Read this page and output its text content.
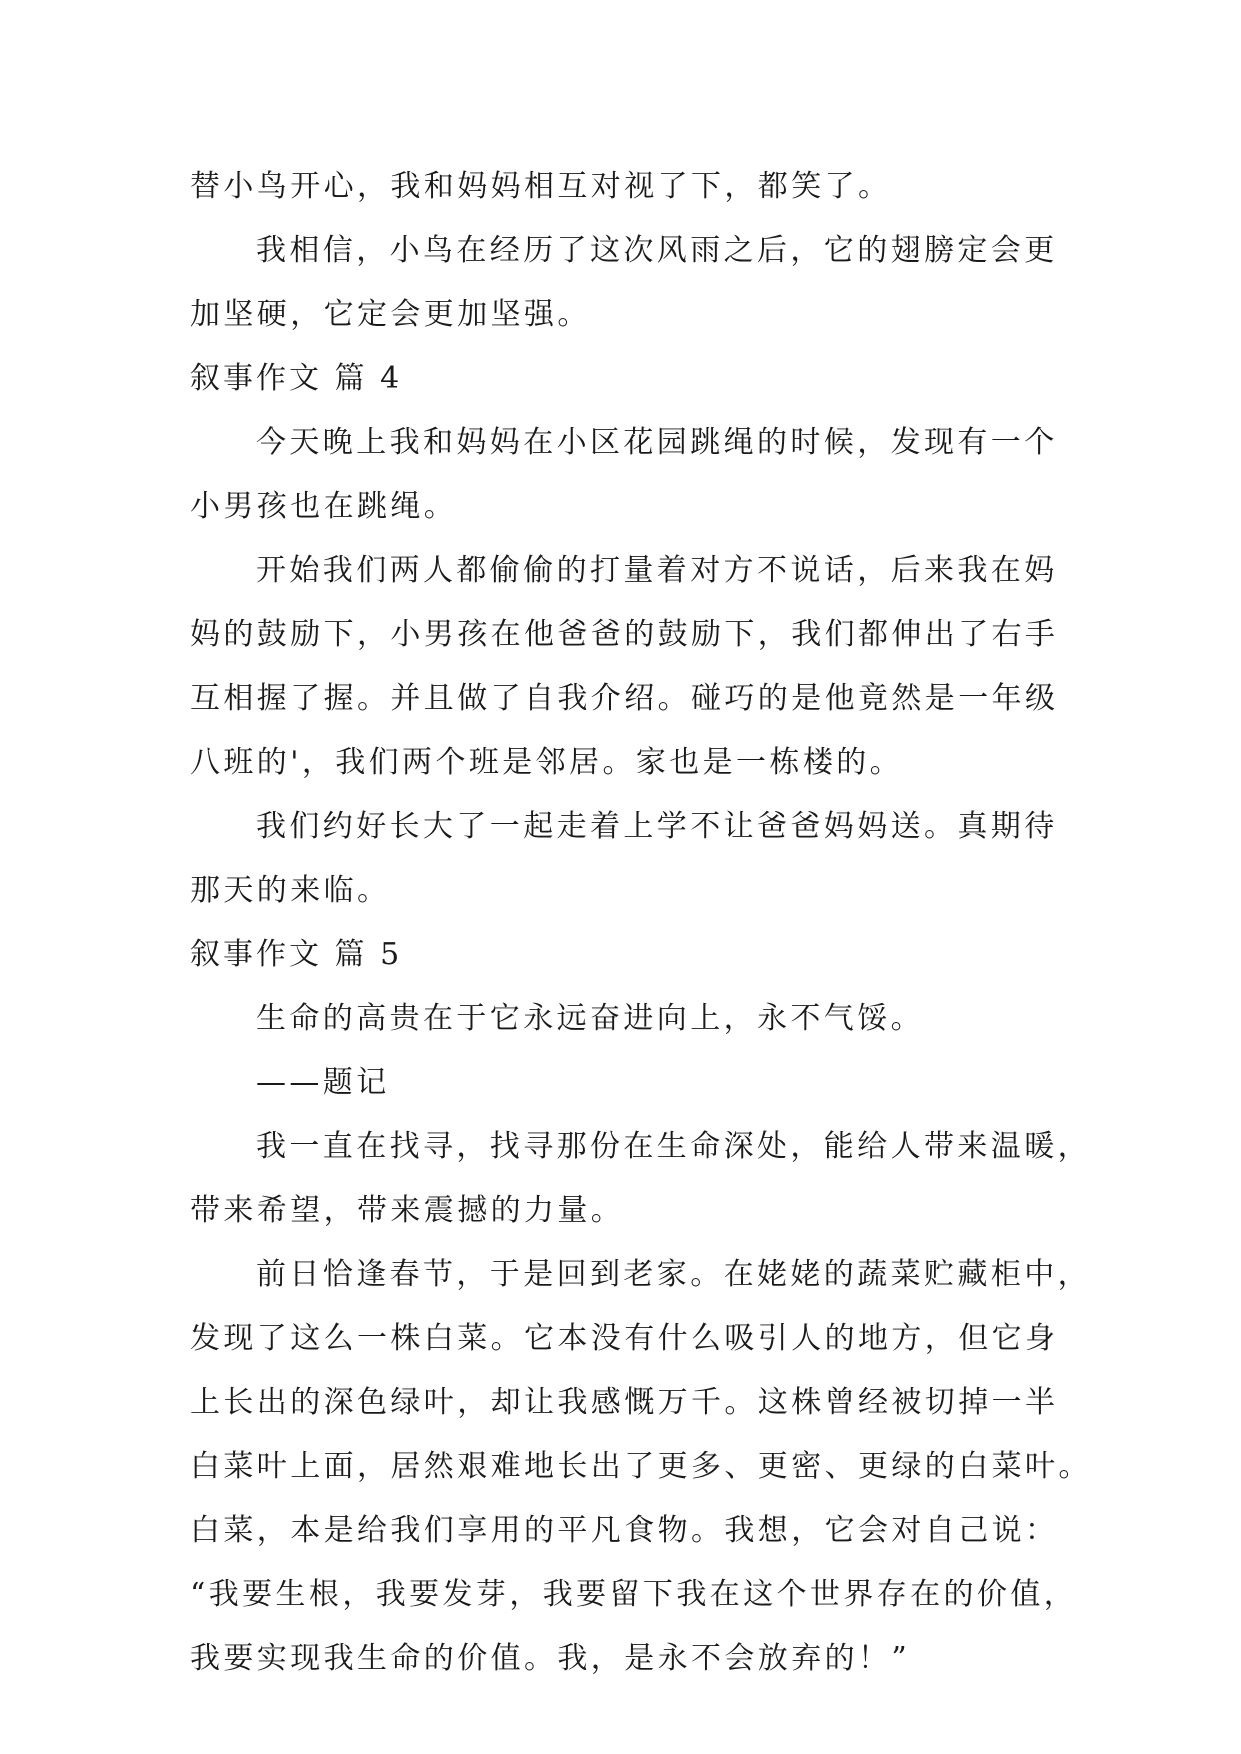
替小鸟开心，我和妈妈相互对视了下，都笑了。
我相信，小鸟在经历了这次风雨之后，它的翅膀定会更
加坚硬，它定会更加坚强。
叙事作文 篇 4
今天晚上我和妈妈在小区花园跳绳的时候，发现有一个
小男孩也在跳绳。
开始我们两人都偷偷的打量着对方不说话，后来我在妈
妈的鼓励下，小男孩在他爸爸的鼓励下，我们都伸出了右手
互相握了握。并且做了自我介绍。碰巧的是他竟然是一年级
八班的'，我们两个班是邻居。家也是一栋楼的。
我们约好长大了一起走着上学不让爸爸妈妈送。真期待
那天的来临。
叙事作文 篇 5
生命的高贵在于它永远奋进向上，永不气馁。
——题记
我一直在找寻，找寻那份在生命深处，能给人带来温暖，
带来希望，带来震撼的力量。
前日恰逢春节，于是回到老家。在姥姥的蔬菜贮藏柜中，
发现了这么一株白菜。它本没有什么吸引人的地方，但它身
上长出的深色绿叶，却让我感慨万千。这株曾经被切掉一半
白菜叶上面，居然艰难地长出了更多、更密、更绿的白菜叶。
白菜，本是给我们享用的平凡食物。我想，它会对自己说：
“我要生根，我要发芽，我要留下我在这个世界存在的价值，
我要实现我生命的价值。我，是永不会放弃的！”
